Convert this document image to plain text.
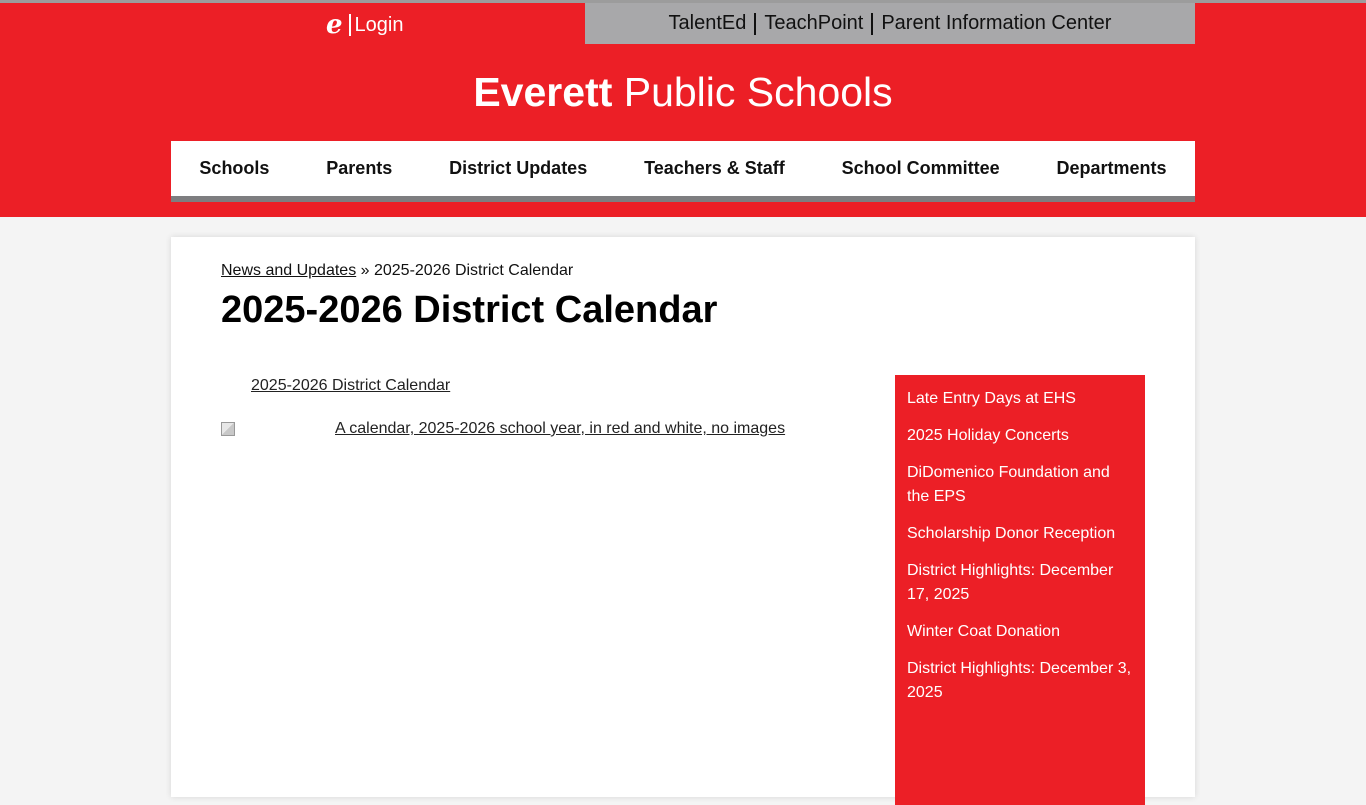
e Login	TalentEd TeachPoint Parent Information Center
Everett Public Schools
Schools	Parents	District Updates	Teachers & Staff	School Committee	Departments
News and Updates » 2025-2026 District Calendar
2025-2026 District Calendar
2025-2026 District Calendar
A calendar, 2025-2026 school year, in red and white, no images
Late Entry Days at EHS
2025 Holiday Concerts
DiDomenico Foundation and the EPS
Scholarship Donor Reception
District Highlights: December 17, 2025
Winter Coat Donation
District Highlights: December 3, 2025
